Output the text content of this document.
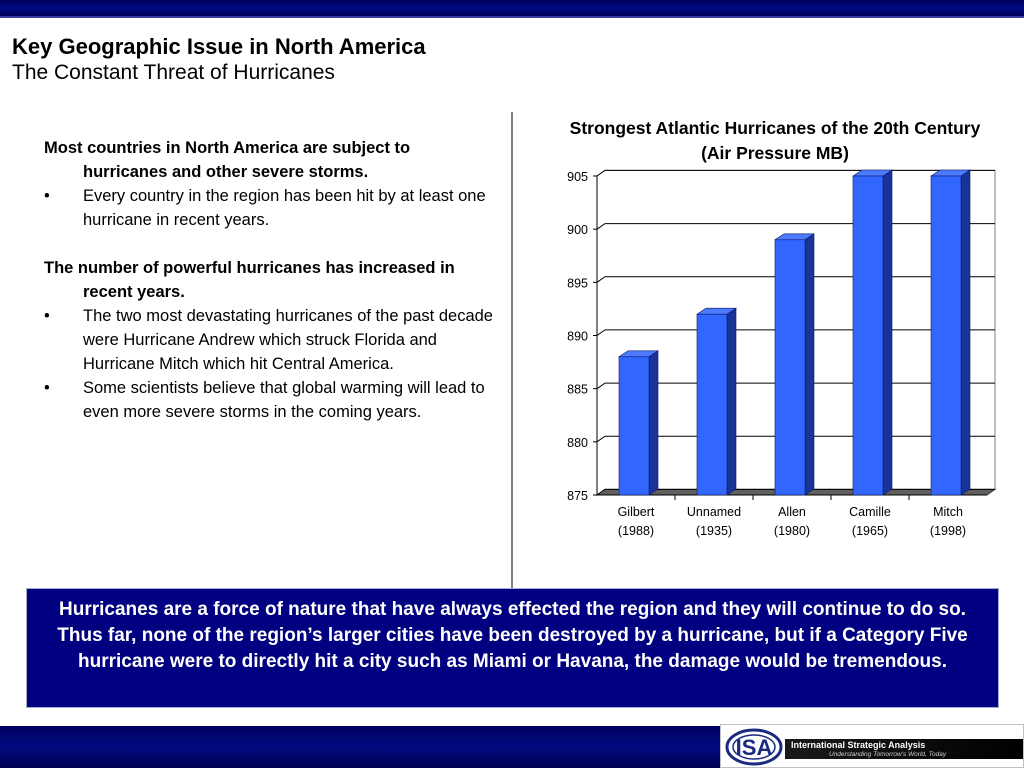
Key Geographic Issue in North America
The Constant Threat of Hurricanes
Most countries in North America are subject to hurricanes and other severe storms.
•	Every country in the region has been hit by at least one hurricane in recent years.
The number of powerful hurricanes has increased in recent years.
•	The two most devastating hurricanes of the past decade were Hurricane Andrew which struck Florida and Hurricane Mitch which hit Central America.
•	Some scientists believe that global warming will lead to even more severe storms in the coming years.
Strongest Atlantic Hurricanes of the 20th Century (Air Pressure MB)
875
880
885
890
895
900
905
Gilbert
(1988)
Unnamed
(1935)
Allen
(1980)
Camille
(1965)
Mitch
(1998)
Hurricanes are a force of nature that have always effected the region and they will continue to do so. Thus far, none of the region’s larger cities have been destroyed by a hurricane, but if a Category Five hurricane were to directly hit a city such as Miami or Havana, the damage would be tremendous.
ISA International Strategic Analysis
Understanding Tomorrow's World, Today
